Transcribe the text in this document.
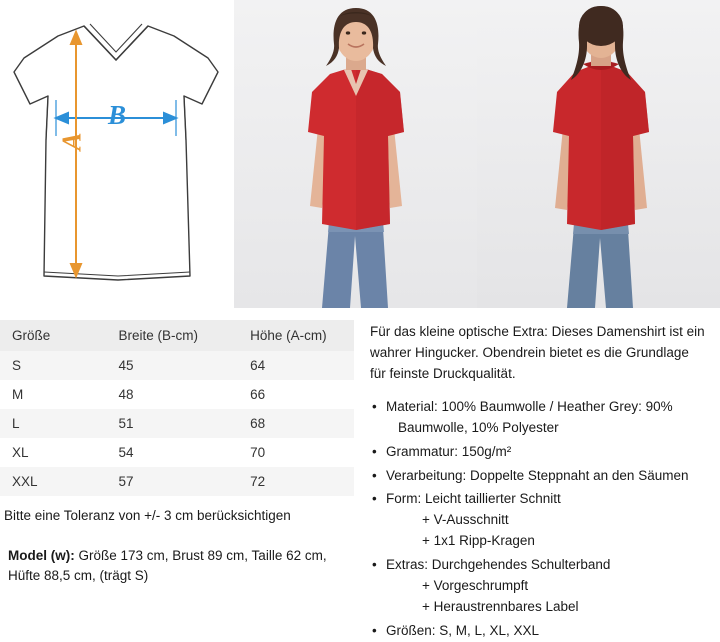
B
A
Größe	Breite (B-cm)	Höhe (A-cm)
S	45	64
M	48	66
L	51	68
XL	54	70
XXL	57	72
Bitte eine Toleranz von +/- 3 cm berücksichtigen
Model (w): Größe 173 cm, Brust 89 cm, Taille 62 cm,
Hüfte 88,5 cm, (trägt S)

Für das kleine optische Extra: Dieses Damenshirt ist ein wahrer Hingucker. Obendrein bietet es die Grundlage für feinste Druckqualität.

• Material: 100% Baumwolle / Heather Grey: 90%
Baumwolle, 10% Polyester
• Grammatur: 150g/m²
• Verarbeitung: Doppelte Steppnaht an den Säumen
• Form: Leicht taillierter Schnitt
+ V-Ausschnitt
+ 1x1 Ripp-Kragen
• Extras: Durchgehendes Schulterband
+ Vorgeschrumpft
+ Heraustrennbares Label
• Größen: S, M, L, XL, XXL
